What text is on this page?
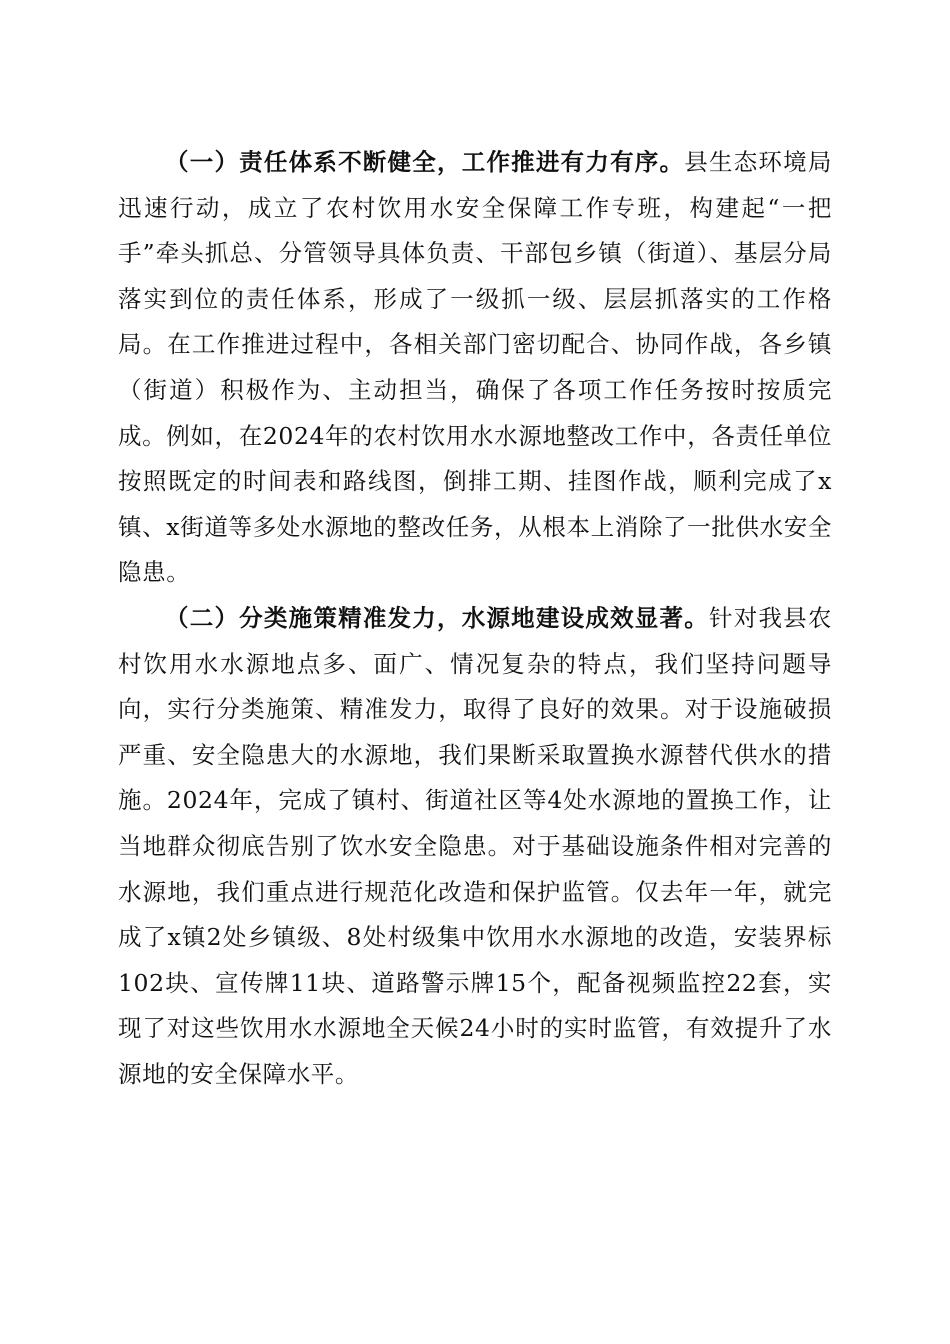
（一）责任体系不断健全，工作推进有力有序。县生态环境局迅速行动，成立了农村饮用水安全保障工作专班，构建起“一把手”牵头抓总、分管领导具体负责、干部包乡镇（街道）、基层分局落实到位的责任体系，形成了一级抓一级、层层抓落实的工作格局。在工作推进过程中，各相关部门密切配合、协同作战，各乡镇（街道）积极作为、主动担当，确保了各项工作任务按时按质完成。例如，在2024年的农村饮用水水源地整改工作中，各责任单位按照既定的时间表和路线图，倒排工期、挂图作战，顺利完成了x镇、x街道等多处水源地的整改任务，从根本上消除了一批供水安全隐患。

（二）分类施策精准发力，水源地建设成效显著。针对我县农村饮用水水源地点多、面广、情况复杂的特点，我们坚持问题导向，实行分类施策、精准发力，取得了良好的效果。对于设施破损严重、安全隐患大的水源地，我们果断采取置换水源替代供水的措施。2024年，完成了镇村、街道社区等4处水源地的置换工作，让当地群众彻底告别了饮水安全隐患。对于基础设施条件相对完善的水源地，我们重点进行规范化改造和保护监管。仅去年一年，就完成了x镇2处乡镇级、8处村级集中饮用水水源地的改造，安装界标102块、宣传牌11块、道路警示牌15个，配备视频监控22套，实现了对这些饮用水水源地全天候24小时的实时监管，有效提升了水源地的安全保障水平。
